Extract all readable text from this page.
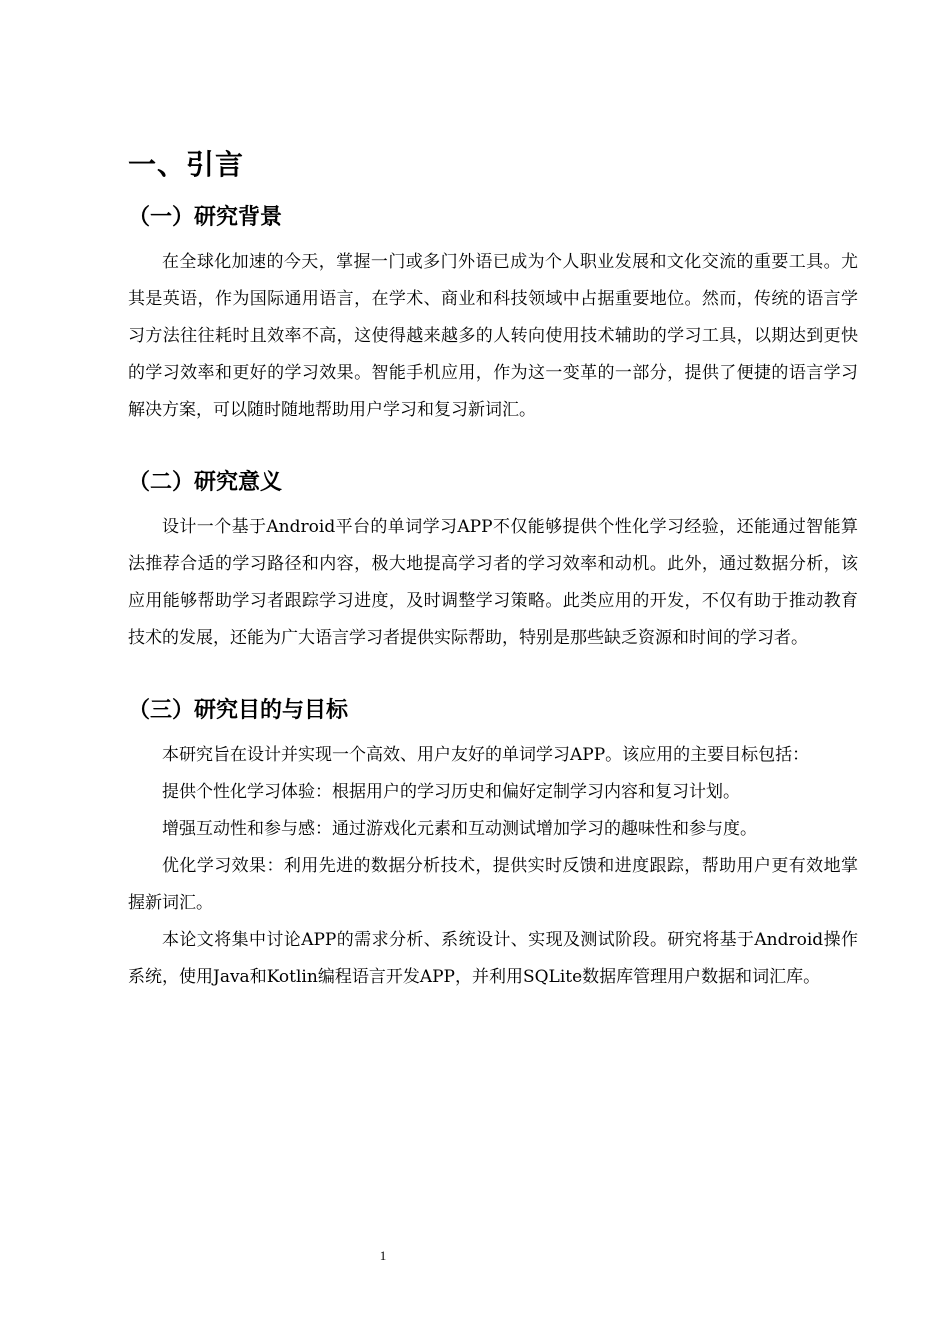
一、引言
（一）研究背景

在全球化加速的今天，掌握一门或多门外语已成为个人职业发展和文化交流的重要工具。尤其是英语，作为国际通用语言，在学术、商业和科技领域中占据重要地位。然而，传统的语言学习方法往往耗时且效率不高，这使得越来越多的人转向使用技术辅助的学习工具，以期达到更快的学习效率和更好的学习效果。智能手机应用，作为这一变革的一部分，提供了便捷的语言学习解决方案，可以随时随地帮助用户学习和复习新词汇。

（二）研究意义

设计一个基于Android平台的单词学习APP不仅能够提供个性化学习经验，还能通过智能算法推荐合适的学习路径和内容，极大地提高学习者的学习效率和动机。此外，通过数据分析，该应用能够帮助学习者跟踪学习进度，及时调整学习策略。此类应用的开发，不仅有助于推动教育技术的发展，还能为广大语言学习者提供实际帮助，特别是那些缺乏资源和时间的学习者。

（三）研究目的与目标

本研究旨在设计并实现一个高效、用户友好的单词学习APP。该应用的主要目标包括：

提供个性化学习体验：根据用户的学习历史和偏好定制学习内容和复习计划。

增强互动性和参与感：通过游戏化元素和互动测试增加学习的趣味性和参与度。

优化学习效果：利用先进的数据分析技术，提供实时反馈和进度跟踪，帮助用户更有效地掌握新词汇。

本论文将集中讨论APP的需求分析、系统设计、实现及测试阶段。研究将基于Android操作系统，使用Java和Kotlin编程语言开发APP，并利用SQLite数据库管理用户数据和词汇库。

1
